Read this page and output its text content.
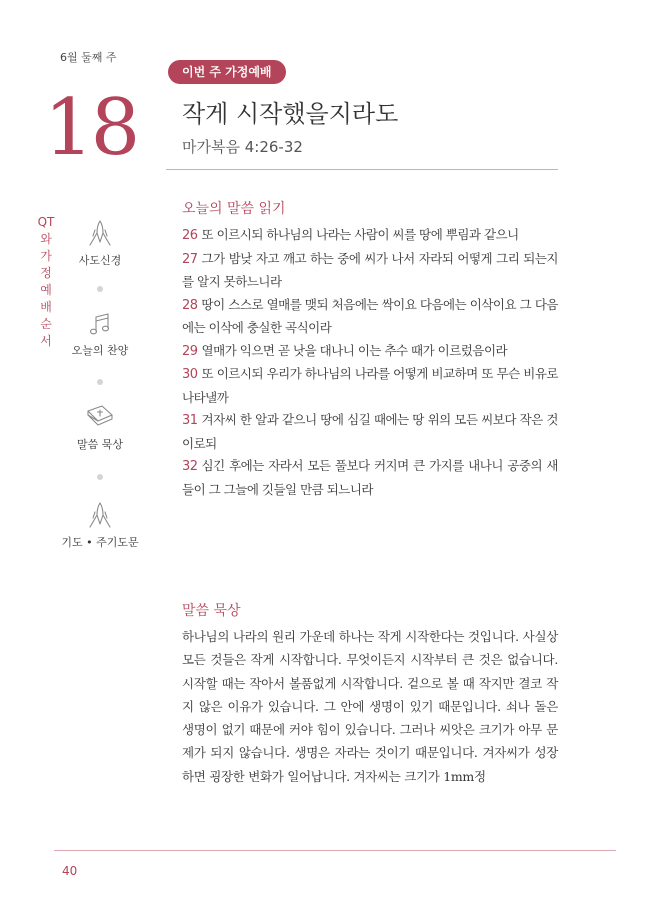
6월 둘째 주
18
이번 주 가정예배
작게 시작했을지라도
마가복음 4:26-32
QT와 가정예배 순서
사도신경
오늘의 찬양
말씀 묵상
기도 • 주기도문
오늘의 말씀 읽기
26 또 이르시되 하나님의 나라는 사람이 씨를 땅에 뿌림과 같으니
27 그가 밤낮 자고 깨고 하는 중에 씨가 나서 자라되 어떻게 그리 되는지를 알지 못하느니라
28 땅이 스스로 열매를 맺되 처음에는 싹이요 다음에는 이삭이요 그 다음에는 이삭에 충실한 곡식이라
29 열매가 익으면 곧 낫을 대나니 이는 추수 때가 이르렀음이라
30 또 이르시되 우리가 하나님의 나라를 어떻게 비교하며 또 무슨 비유로 나타낼까
31 겨자씨 한 알과 같으니 땅에 심길 때에는 땅 위의 모든 씨보다 작은 것이로되
32 심긴 후에는 자라서 모든 풀보다 커지며 큰 가지를 내나니 공중의 새들이 그 그늘에 깃들일 만큼 되느니라
말씀 묵상

하나님의 나라의 원리 가운데 하나는 작게 시작한다는 것입니다. 사실상 모든 것들은 작게 시작합니다. 무엇이든지 시작부터 큰 것은 없습니다. 시작할 때는 작아서 볼품없게 시작합니다. 겉으로 볼 때 작지만 결코 작지 않은 이유가 있습니다. 그 안에 생명이 있기 때문입니다. 쇠나 돌은 생명이 없기 때문에 커야 힘이 있습니다. 그러나 씨앗은 크기가 아무 문제가 되지 않습니다. 생명은 자라는 것이기 때문입니다. 겨자씨가 성장하면 굉장한 변화가 일어납니다. 겨자씨는 크기가 1mm정

40
